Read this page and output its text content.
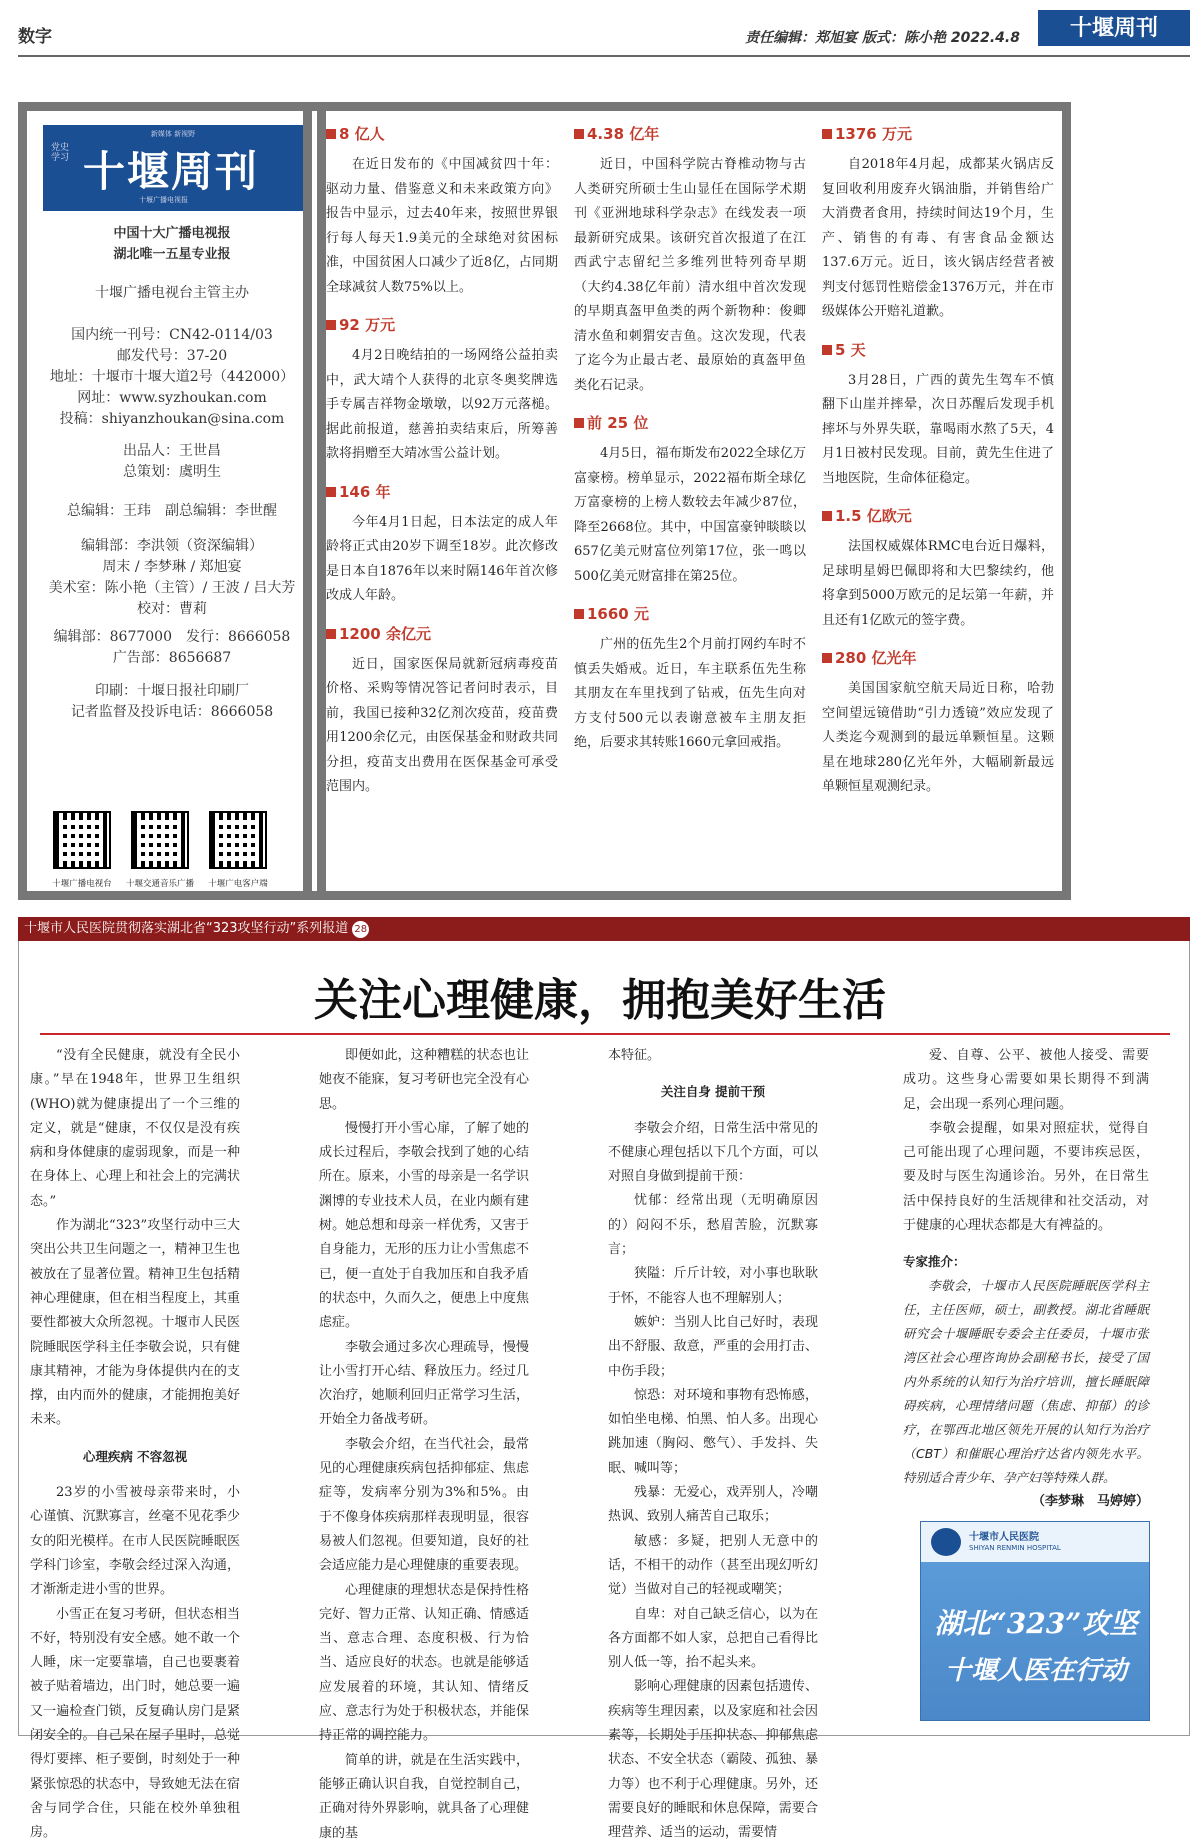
数字	责任编辑：郑旭宴 版式：陈小艳 2022.4.8	十堰周刊
新媒体 新视野
党史学习 十堰周刊
十堰广播电视报
中国十大广播电视报
湖北唯一五星专业报
十堰广播电视台主管主办
国内统一刊号：CN42-0114/03
邮发代号：37-20
地址：十堰市十堰大道2号（442000）
网址：www.syzhoukan.com
投稿：shiyanzhoukan@sina.com
出品人：王世昌
总策划：虞明生
总编辑：王玮　副总编辑：李世醒
编辑部：李洪领（资深编辑）
周末 / 李梦琳 / 郑旭宴
美术室：陈小艳（主管）/ 王波 / 吕大芳
校对：曹莉
编辑部：8677000　发行：8666058
广告部：8656687
印刷：十堰日报社印刷厂
记者监督及投诉电话：8666058
十堰广播电视台	十堰交通音乐广播	十堰广电客户端
8 亿人

在近日发布的《中国减贫四十年：驱动力量、借鉴意义和未来政策方向》报告中显示，过去40年来，按照世界银行每人每天1.9美元的全球绝对贫困标准，中国贫困人口减少了近8亿，占同期全球减贫人数75%以上。

92 万元

4月2日晚结拍的一场网络公益拍卖中，武大靖个人获得的北京冬奥奖牌选手专属吉祥物金墩墩，以92万元落槌。据此前报道，慈善拍卖结束后，所筹善款将捐赠至大靖冰雪公益计划。

146 年

今年4月1日起，日本法定的成人年龄将正式由20岁下调至18岁。此次修改是日本自1876年以来时隔146年首次修改成人年龄。

1200 余亿元

近日，国家医保局就新冠病毒疫苗价格、采购等情况答记者问时表示，目前，我国已接种32亿剂次疫苗，疫苗费用1200余亿元，由医保基金和财政共同分担，疫苗支出费用在医保基金可承受范围内。

4.38 亿年

近日，中国科学院古脊椎动物与古人类研究所硕士生山显任在国际学术期刊《亚洲地球科学杂志》在线发表一项最新研究成果。该研究首次报道了在江西武宁志留纪兰多维列世特列奇早期（大约4.38亿年前）清水组中首次发现的早期真盔甲鱼类的两个新物种：俊卿清水鱼和刺猬安吉鱼。这次发现，代表了迄今为止最古老、最原始的真盔甲鱼类化石记录。

前 25 位

4月5日，福布斯发布2022全球亿万富豪榜。榜单显示，2022福布斯全球亿万富豪榜的上榜人数较去年减少87位，降至2668位。其中，中国富豪钟睒睒以657亿美元财富位列第17位，张一鸣以500亿美元财富排在第25位。

1660 元

广州的伍先生2个月前打网约车时不慎丢失婚戒。近日，车主联系伍先生称其朋友在车里找到了钻戒，伍先生向对方支付500元以表谢意被车主朋友拒绝，后要求其转账1660元拿回戒指。

1376 万元

自2018年4月起，成都某火锅店反复回收利用废弃火锅油脂，并销售给广大消费者食用，持续时间达19个月，生产、销售的有毒、有害食品金额达137.6万元。近日，该火锅店经营者被判支付惩罚性赔偿金1376万元，并在市级媒体公开赔礼道歉。

5 天

3月28日，广西的黄先生驾车不慎翻下山崖并摔晕，次日苏醒后发现手机摔坏与外界失联，靠喝雨水熬了5天，4月1日被村民发现。目前，黄先生住进了当地医院，生命体征稳定。

1.5 亿欧元

法国权威媒体RMC电台近日爆料，足球明星姆巴佩即将和大巴黎续约，他将拿到5000万欧元的足坛第一年薪，并且还有1亿欧元的签字费。

280 亿光年

美国国家航空航天局近日称，哈勃空间望远镜借助“引力透镜”效应发现了人类迄今观测到的最远单颗恒星。这颗星在地球280亿光年外，大幅刷新最远单颗恒星观测纪录。

十堰市人民医院贯彻落实湖北省“323攻坚行动”系列报道 28
关注心理健康，拥抱美好生活

“没有全民健康，就没有全民小康。”早在1948年，世界卫生组织(WHO)就为健康提出了一个三维的定义，就是“健康，不仅仅是没有疾病和身体健康的虚弱现象，而是一种在身体上、心理上和社会上的完满状态。”

作为湖北“323”攻坚行动中三大突出公共卫生问题之一，精神卫生也被放在了显著位置。精神卫生包括精神心理健康，但在相当程度上，其重要性都被大众所忽视。十堰市人民医院睡眠医学科主任李敬会说，只有健康其精神，才能为身体提供内在的支撑，由内而外的健康，才能拥抱美好未来。

心理疾病 不容忽视

23岁的小雪被母亲带来时，小心谨慎、沉默寡言，丝毫不见花季少女的阳光模样。在市人民医院睡眠医学科门诊室，李敬会经过深入沟通，才渐渐走进小雪的世界。

小雪正在复习考研，但状态相当不好，特别没有安全感。她不敢一个人睡，床一定要靠墙，自己也要裹着被子贴着墙边，出门时，她总要一遍又一遍检查门锁，反复确认房门是紧闭安全的。自己呆在屋子里时，总觉得灯要摔、柜子要倒，时刻处于一种紧张惊恐的状态中，导致她无法在宿舍与同学合住，只能在校外单独租房。

即便如此，这种糟糕的状态也让她夜不能寐，复习考研也完全没有心思。

慢慢打开小雪心扉，了解了她的成长过程后，李敬会找到了她的心结所在。原来，小雪的母亲是一名学识渊博的专业技术人员，在业内颇有建树。她总想和母亲一样优秀，又害于自身能力，无形的压力让小雪焦虑不已，便一直处于自我加压和自我矛盾的状态中，久而久之，便患上中度焦虑症。

李敬会通过多次心理疏导，慢慢让小雪打开心结、释放压力。经过几次治疗，她顺利回归正常学习生活，开始全力备战考研。

李敬会介绍，在当代社会，最常见的心理健康疾病包括抑郁症、焦虑症等，发病率分别为3%和5%。由于不像身体疾病那样表现明显，很容易被人们忽视。但要知道，良好的社会适应能力是心理健康的重要表现。

心理健康的理想状态是保持性格完好、智力正常、认知正确、情感适当、意志合理、态度积极、行为恰当、适应良好的状态。也就是能够适应发展着的环境，其认知、情绪反应、意志行为处于积极状态，并能保持正常的调控能力。

简单的讲，就是在生活实践中，能够正确认识自我，自觉控制自己，正确对待外界影响，就具备了心理健康的基

本特征。

关注自身 提前干预

李敬会介绍，日常生活中常见的不健康心理包括以下几个方面，可以对照自身做到提前干预：

忧郁：经常出现（无明确原因的）闷闷不乐，愁眉苦脸，沉默寡言；

狭隘：斤斤计较，对小事也耿耿于怀，不能容人也不理解别人；

嫉妒：当别人比自己好时，表现出不舒服、敌意，严重的会用打击、中伤手段；

惊恐：对环境和事物有恐怖感，如怕坐电梯、怕黑、怕人多。出现心跳加速（胸闷、憋气）、手发抖、失眠、喊叫等；

残暴：无爱心，戏弄别人，冷嘲热讽、致别人痛苦自己取乐；

敏感：多疑，把别人无意中的话，不相干的动作（甚至出现幻听幻觉）当做对自己的轻视或嘲笑；

自卑：对自己缺乏信心，以为在各方面都不如人家，总把自己看得比别人低一等，抬不起头来。

影响心理健康的因素包括遗传、疾病等生理因素，以及家庭和社会因素等，长期处于压抑状态、抑郁焦虑状态、不安全状态（霸陵、孤独、暴力等）也不利于心理健康。另外，还需要良好的睡眠和休息保障，需要合理营养、适当的运动，需要情

爱、自尊、公平、被他人接受、需要成功。这些身心需要如果长期得不到满足，会出现一系列心理问题。

李敬会提醒，如果对照症状，觉得自己可能出现了心理问题，不要讳疾忌医，要及时与医生沟通诊治。另外，在日常生活中保持良好的生活规律和社交活动，对于健康的心理状态都是大有裨益的。

专家推介：

李敬会，十堰市人民医院睡眠医学科主任，主任医师，硕士，副教授。湖北省睡眠研究会十堰睡眠专委会主任委员，十堰市张湾区社会心理咨询协会副秘书长，接受了国内外系统的认知行为治疗培训，擅长睡眠障碍疾病，心理情绪问题（焦虑、抑郁）的诊疗，在鄂西北地区领先开展的认知行为治疗（CBT）和催眠心理治疗达省内领先水平。特别适合青少年、孕产妇等特殊人群。

（李梦琳　马婷婷）
十堰市人民医院
SHIYAN RENMIN HOSPITAL
湖北“323”攻坚
十堰人医在行动
